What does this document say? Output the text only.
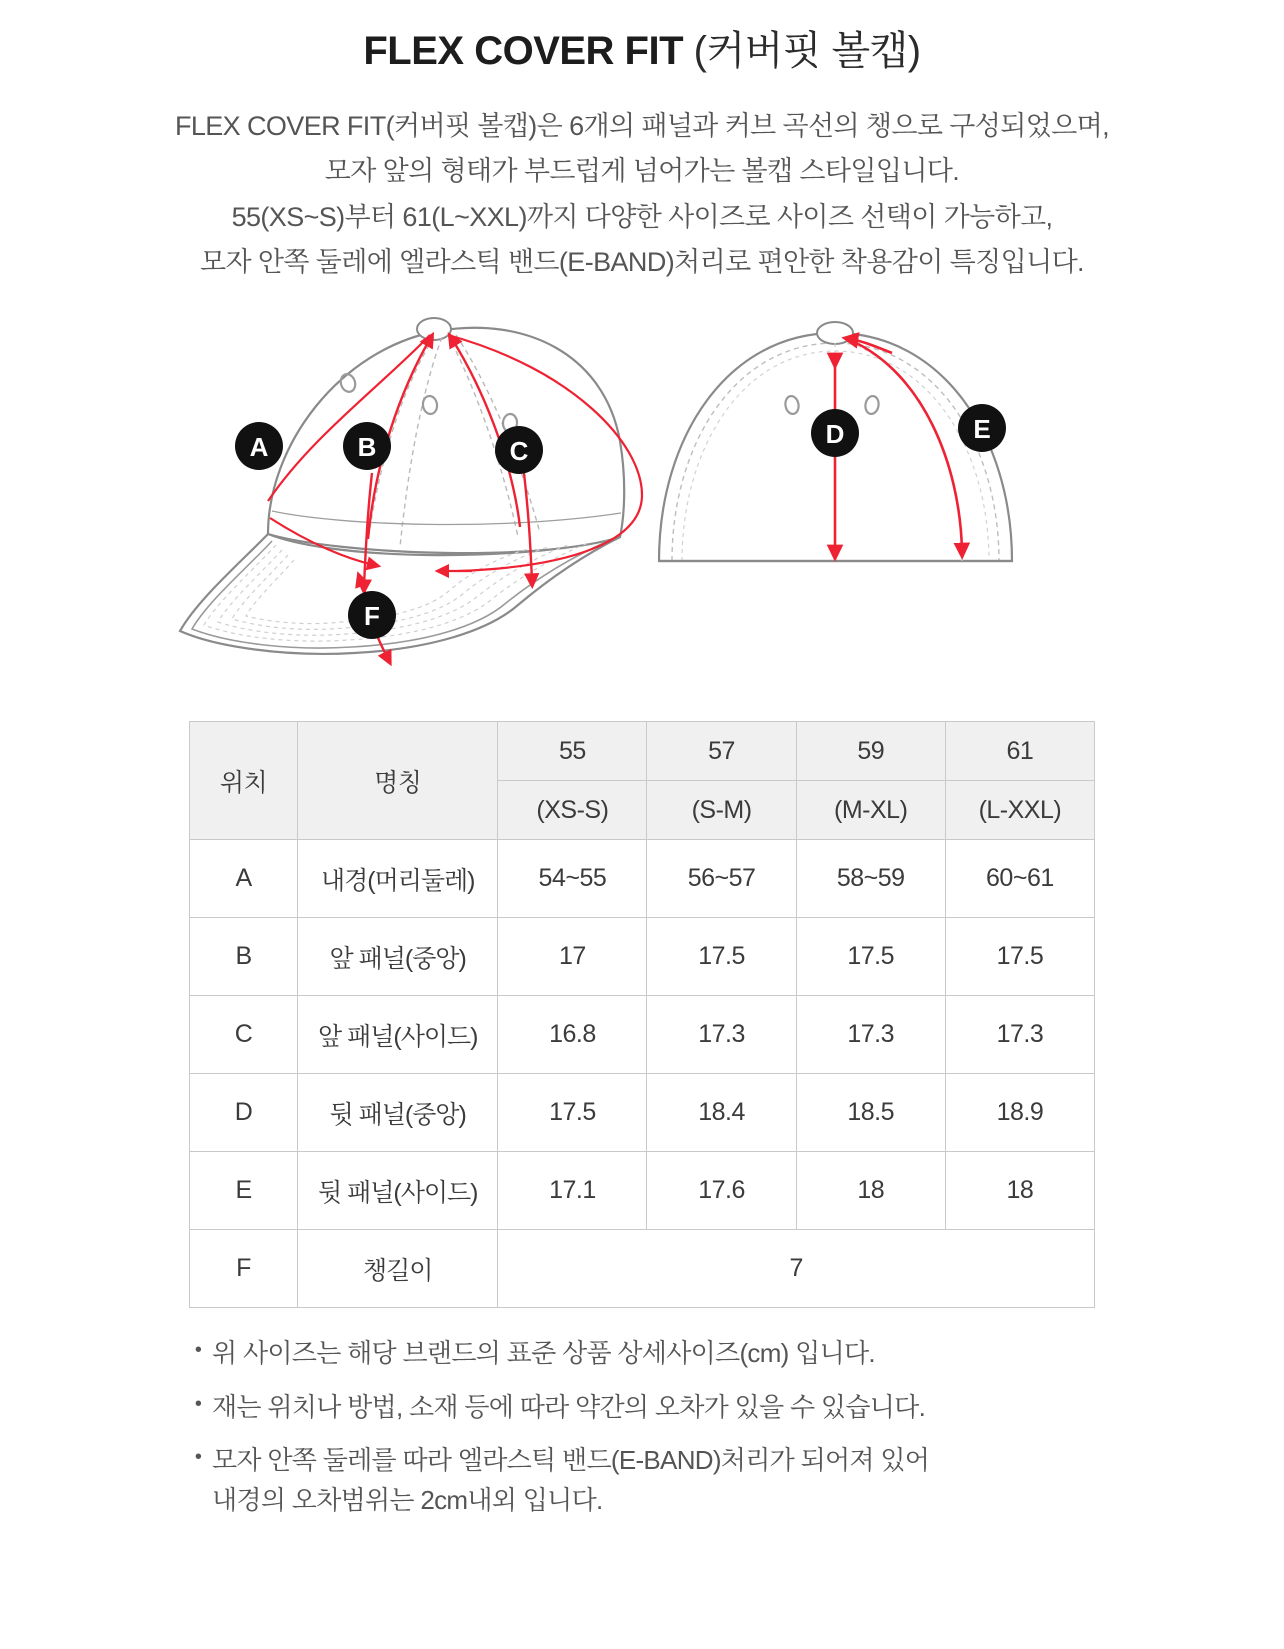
FLEX COVER FIT (커버핏 볼캡)
FLEX COVER FIT(커버핏 볼캡)은 6개의 패널과 커브 곡선의 챙으로 구성되었으며,
모자 앞의 형태가 부드럽게 넘어가는 볼캡 스타일입니다.
55(XS~S)부터 61(L~XXL)까지 다양한 사이즈로 사이즈 선택이 가능하고,
모자 안쪽 둘레에 엘라스틱 밴드(E-BAND)처리로 편안한 착용감이 특징입니다.
A	B	C
F
D	E
위치	명칭	55	57	59	61
		(XS-S)	(S-M)	(M-XL)	(L-XXL)
A	내경(머리둘레)	54~55	56~57	58~59	60~61
B	앞 패널(중앙)	17	17.5	17.5	17.5
C	앞 패널(사이드)	16.8	17.3	17.3	17.3
D	뒷 패널(중앙)	17.5	18.4	18.5	18.9
E	뒷 패널(사이드)	17.1	17.6	18	18
F	챙길이	7			
• 위 사이즈는 해당 브랜드의 표준 상품 상세사이즈(cm) 입니다.
• 재는 위치나 방법, 소재 등에 따라 약간의 오차가 있을 수 있습니다.
• 모자 안쪽 둘레를 따라 엘라스틱 밴드(E-BAND)처리가 되어져 있어
내경의 오차범위는 2cm내외 입니다.
